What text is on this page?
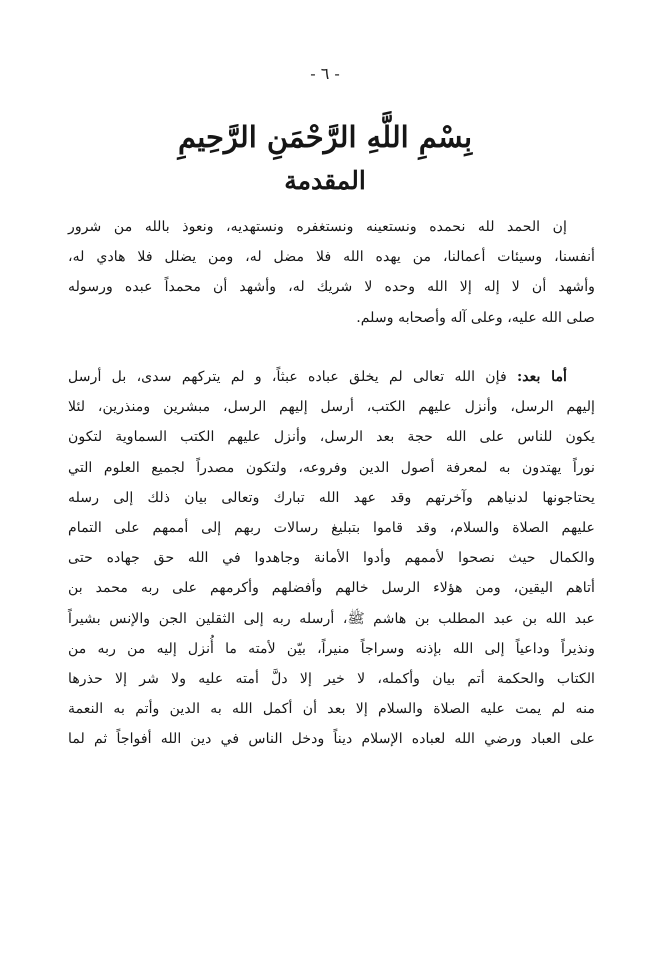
- ٦ -
بِسْمِ اللَّهِ الرَّحْمَنِ الرَّحِيمِ
المقدمة
إن الحمد لله نحمده ونستعينه ونستغفره ونستهديه، ونعوذ بالله من شرور
أنفسنا، وسيئات أعمالنا، من يهده الله فلا مضل له، ومن يضلل فلا هادي له،
وأشهد أن لا إله إلا الله وحده لا شريك له، وأشهد أن محمداً عبده ورسوله
صلى الله عليه، وعلى آله وأصحابه وسلم.
أما بعد: فإن الله تعالى لم يخلق عباده عبثاً، و لم يتركهم سدى، بل أرسل
إليهم الرسل، وأنزل عليهم الكتب، أرسل إليهم الرسل، مبشرين ومنذرين، لئلا
يكون للناس على الله حجة بعد الرسل، وأنزل عليهم الكتب السماوية لتكون
نوراً يهتدون به لمعرفة أصول الدين وفروعه، ولتكون مصدراً لجميع العلوم التي
يحتاجونها لدنياهم وآخرتهم وقد عهد الله تبارك وتعالى بيان ذلك إلى رسله
عليهم الصلاة والسلام، وقد قاموا بتبليغ رسالات ربهم إلى أممهم على التمام
والكمال حيث نصحوا لأممهم وأدوا الأمانة وجاهدوا في الله حق جهاده حتى
أتاهم اليقين، ومن هؤلاء الرسل خالهم وأفضلهم وأكرمهم على ربه محمد بن
عبد الله بن عبد المطلب بن هاشم ﷺ، أرسله ربه إلى الثقلين الجن والإنس بشيراً
ونذيراً وداعياً إلى الله بإذنه وسراجاً منيراً، بيّن لأمته ما أُنزل إليه من ربه من
الكتاب والحكمة أتم بيان وأكمله، لا خير إلا دلَّ أمته عليه ولا شر إلا حذرها
منه لم يمت عليه الصلاة والسلام إلا بعد أن أكمل الله به الدين وأتم به النعمة
على العباد ورضي الله لعباده الإسلام ديناً ودخل الناس في دين الله أفواجاً ثم لما
